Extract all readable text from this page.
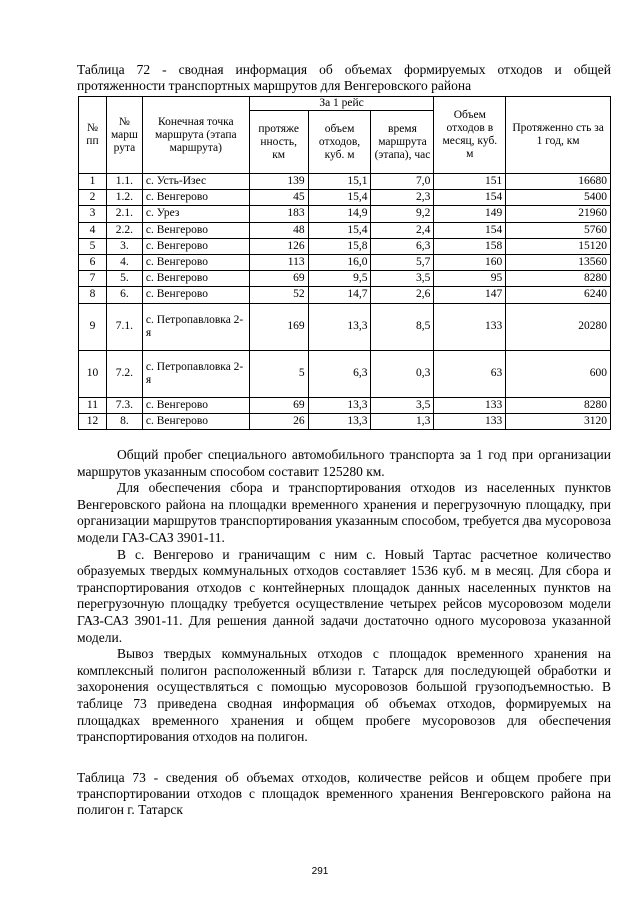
Таблица 72 - сводная информация об объемах формируемых отходов и общей протяженности транспортных маршрутов для Венгеровского района
№ пп	№ марш рута	Конечная точка маршрута (этапа маршрута)	За 1 рейс			Объем отходов в месяц, куб. м	Протяженно сть за 1 год, км
			протяже нность, км	объем отходов, куб. м	время маршрута (этапа), час		
1	1.1.	с. Усть-Изес	139	15,1	7,0	151	16680
2	1.2.	с. Венгерово	45	15,4	2,3	154	5400
3	2.1.	с. Урез	183	14,9	9,2	149	21960
4	2.2.	с. Венгерово	48	15,4	2,4	154	5760
5	3.	с. Венгерово	126	15,8	6,3	158	15120
6	4.	с. Венгерово	113	16,0	5,7	160	13560
7	5.	с. Венгерово	69	9,5	3,5	95	8280
8	6.	с. Венгерово	52	14,7	2,6	147	6240
9	7.1.	с. Петропавловка 2-я	169	13,3	8,5	133	20280
10	7.2.	с. Петропавловка 2-я	5	6,3	0,3	63	600
11	7.3.	с. Венгерово	69	13,3	3,5	133	8280
12	8.	с. Венгерово	26	13,3	1,3	133	3120

Общий пробег специального автомобильного транспорта за 1 год при организации маршрутов указанным способом составит 125280 км.

Для обеспечения сбора и транспортирования отходов из населенных пунктов Венгеровского района на площадки временного хранения и перегрузочную площадку, при организации маршрутов транспортирования указанным способом, требуется два мусоровоза модели ГАЗ-САЗ 3901-11.

В с. Венгерово и граничащим с ним с. Новый Тартас расчетное количество образуемых твердых коммунальных отходов составляет 1536 куб. м в месяц. Для сбора и транспортирования отходов с контейнерных площадок данных населенных пунктов на перегрузочную площадку требуется осуществление четырех рейсов мусоровозом модели ГАЗ-САЗ 3901-11. Для решения данной задачи достаточно одного мусоровоза указанной модели.

Вывоз твердых коммунальных отходов с площадок временного хранения на комплексный полигон расположенный вблизи г. Татарск для последующей обработки и захоронения осуществляться с помощью мусоровозов большой грузоподъемностью. В таблице 73 приведена сводная информация об объемах отходов, формируемых на площадках временного хранения и общем пробеге мусоровозов для обеспечения транспортирования отходов на полигон.

Таблица 73 - сведения об объемах отходов, количестве рейсов и общем пробеге при транспортировании отходов с площадок временного хранения Венгеровского района на полигон г. Татарск
291
